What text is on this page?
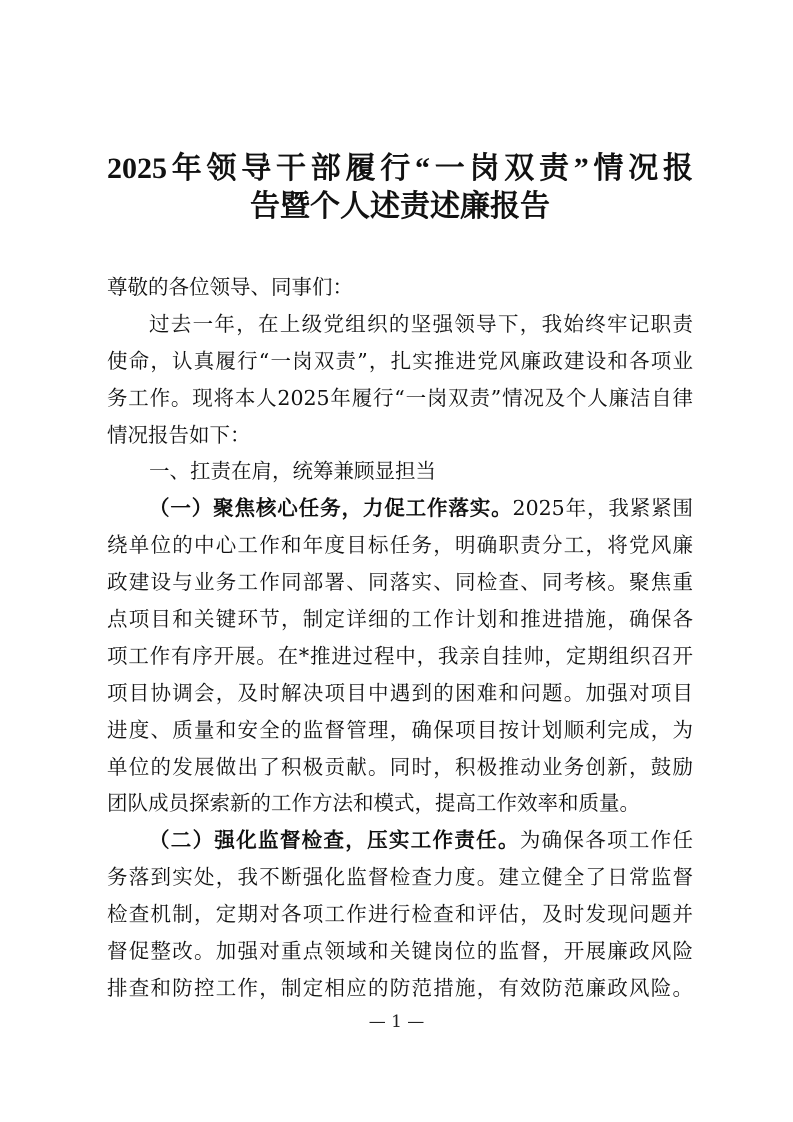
2025年领导干部履行“一岗双责”情况报
告暨个人述责述廉报告
尊敬的各位领导、同事们：
过去一年，在上级党组织的坚强领导下，我始终牢记职责
使命，认真履行“一岗双责”，扎实推进党风廉政建设和各项业
务工作。现将本人2025年履行“一岗双责”情况及个人廉洁自律
情况报告如下：
一、扛责在肩，统筹兼顾显担当
（一）聚焦核心任务，力促工作落实。2025年，我紧紧围
绕单位的中心工作和年度目标任务，明确职责分工，将党风廉
政建设与业务工作同部署、同落实、同检查、同考核。聚焦重
点项目和关键环节，制定详细的工作计划和推进措施，确保各
项工作有序开展。在*推进过程中，我亲自挂帅，定期组织召开
项目协调会，及时解决项目中遇到的困难和问题。加强对项目
进度、质量和安全的监督管理，确保项目按计划顺利完成，为
单位的发展做出了积极贡献。同时，积极推动业务创新，鼓励
团队成员探索新的工作方法和模式，提高工作效率和质量。
（二）强化监督检查，压实工作责任。为确保各项工作任
务落到实处，我不断强化监督检查力度。建立健全了日常监督
检查机制，定期对各项工作进行检查和评估，及时发现问题并
督促整改。加强对重点领域和关键岗位的监督，开展廉政风险
排查和防控工作，制定相应的防范措施，有效防范廉政风险。
— 1 —
